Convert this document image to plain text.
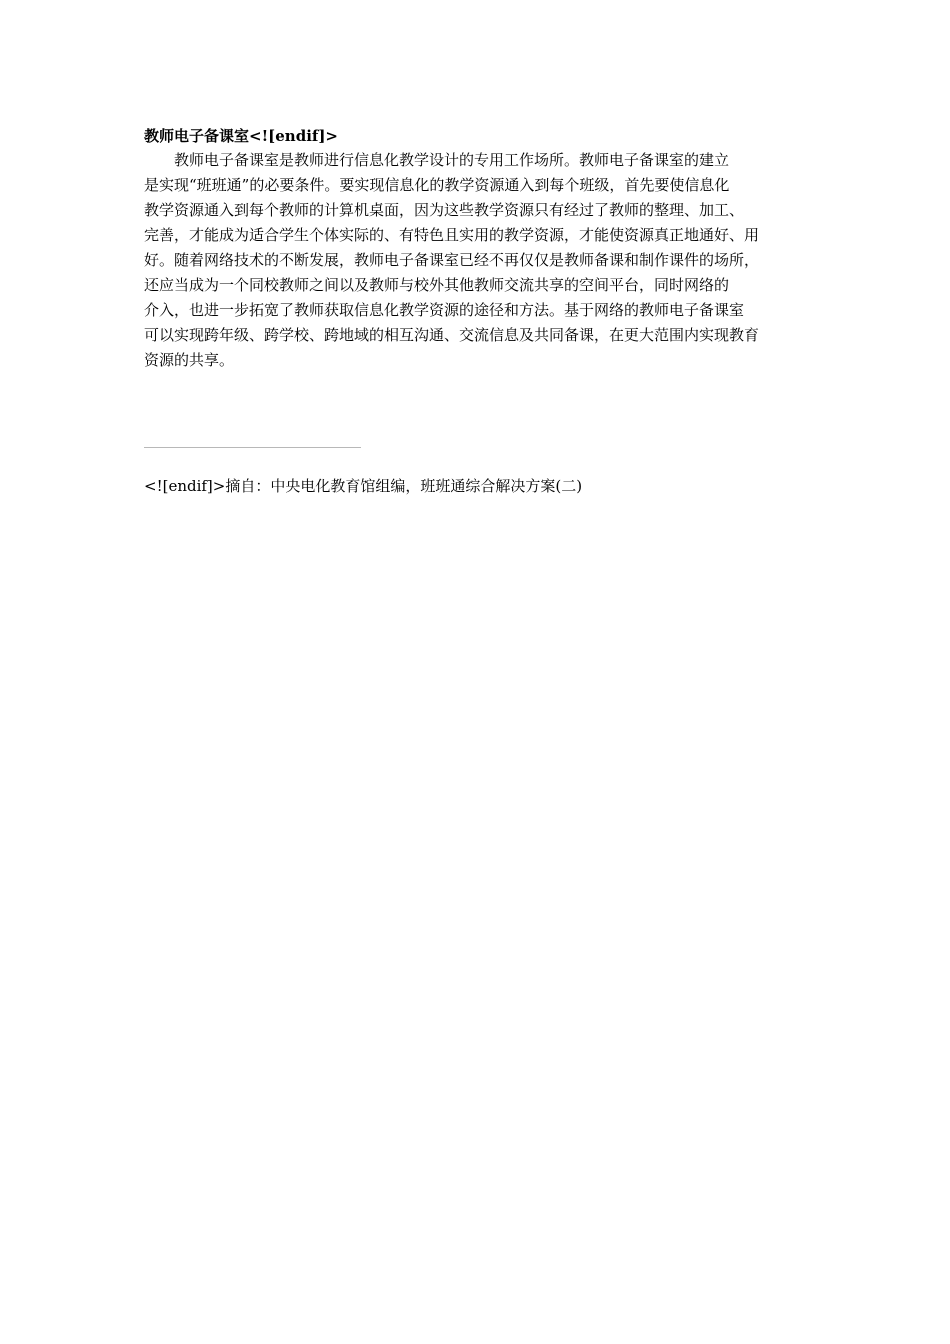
教师电子备课室<![endif]>
　　教师电子备课室是教师进行信息化教学设计的专用工作场所。教师电子备课室的建立
是实现“班班通”的必要条件。要实现信息化的教学资源通入到每个班级，首先要使信息化
教学资源通入到每个教师的计算机桌面，因为这些教学资源只有经过了教师的整理、加工、
完善，才能成为适合学生个体实际的、有特色且实用的教学资源，才能使资源真正地通好、用
好。随着网络技术的不断发展，教师电子备课室已经不再仅仅是教师备课和制作课件的场所，
还应当成为一个同校教师之间以及教师与校外其他教师交流共享的空间平台，同时网络的
介入，也进一步拓宽了教师获取信息化教学资源的途径和方法。基于网络的教师电子备课室
可以实现跨年级、跨学校、跨地域的相互沟通、交流信息及共同备课，在更大范围内实现教育
资源的共享。
<![endif]>摘自：中央电化教育馆组编，班班通综合解决方案(二)
